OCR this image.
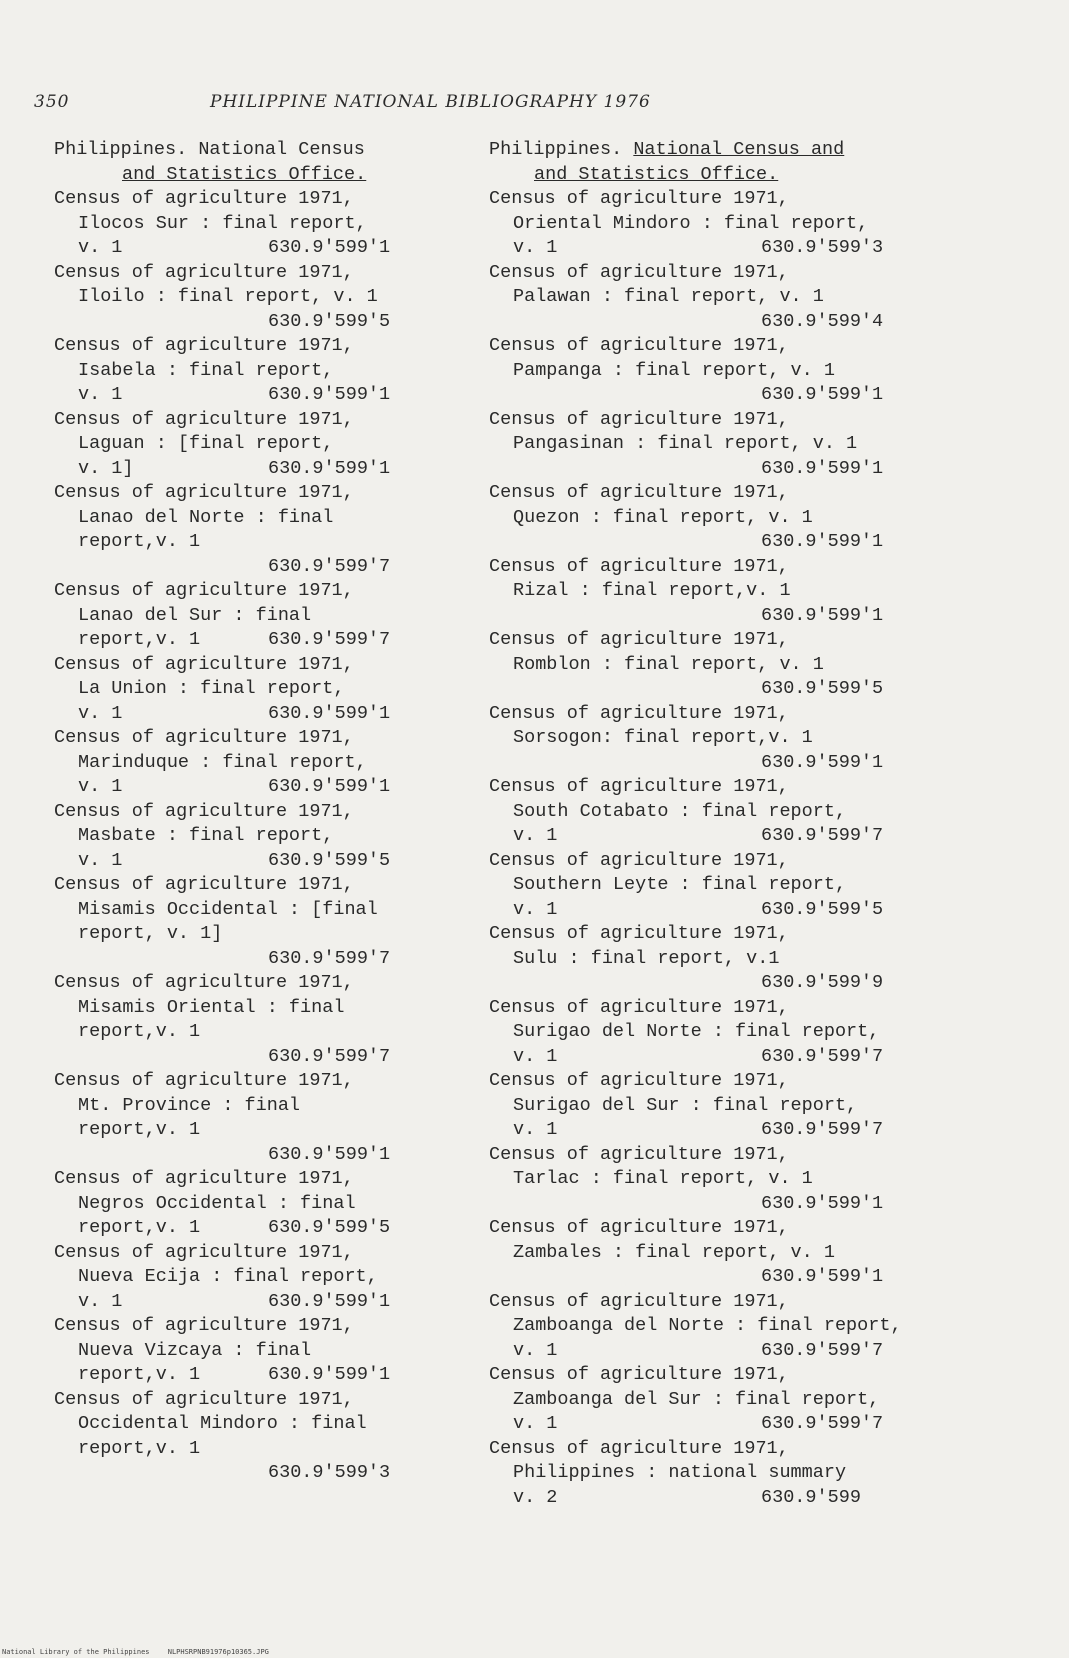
350	PHILIPPINE NATIONAL BIBLIOGRAPHY 1976
Philippines. National Census
and Statistics Office.
Census of agriculture 1971,
Ilocos Sur : final report,
v. 1	630.9'599'1
Census of agriculture 1971,
Iloilo : final report, v. 1
630.9'599'5
Census of agriculture 1971,
Isabela : final report,
v. 1	630.9'599'1
Census of agriculture 1971,
Laguan : [final report,
v. 1]	630.9'599'1
Census of agriculture 1971,
Lanao del Norte : final
report,v. 1
630.9'599'7
Census of agriculture 1971,
Lanao del Sur : final
report,v. 1	630.9'599'7
Census of agriculture 1971,
La Union : final report,
v. 1	630.9'599'1
Census of agriculture 1971,
Marinduque : final report,
v. 1	630.9'599'1
Census of agriculture 1971,
Masbate : final report,
v. 1	630.9'599'5
Census of agriculture 1971,
Misamis Occidental : [final
report, v. 1]
630.9'599'7
Census of agriculture 1971,
Misamis Oriental : final
report,v. 1
630.9'599'7
Census of agriculture 1971,
Mt. Province : final
report,v. 1
630.9'599'1
Census of agriculture 1971,
Negros Occidental : final
report,v. 1	630.9'599'5
Census of agriculture 1971,
Nueva Ecija : final report,
v. 1	630.9'599'1
Census of agriculture 1971,
Nueva Vizcaya : final
report,v. 1	630.9'599'1
Census of agriculture 1971,
Occidental Mindoro : final
report,v. 1
630.9'599'3
Philippines. National Census and
and Statistics Office.
Census of agriculture 1971,
Oriental Mindoro : final report,
v. 1	630.9'599'3
Census of agriculture 1971,
Palawan : final report, v. 1
630.9'599'4
Census of agriculture 1971,
Pampanga : final report, v. 1
630.9'599'1
Census of agriculture 1971,
Pangasinan : final report, v. 1
630.9'599'1
Census of agriculture 1971,
Quezon : final report, v. 1
630.9'599'1
Census of agriculture 1971,
Rizal : final report,v. 1
630.9'599'1
Census of agriculture 1971,
Romblon : final report, v. 1
630.9'599'5
Census of agriculture 1971,
Sorsogon: final report,v. 1
630.9'599'1
Census of agriculture 1971,
South Cotabato : final report,
v. 1	630.9'599'7
Census of agriculture 1971,
Southern Leyte : final report,
v. 1	630.9'599'5
Census of agriculture 1971,
Sulu : final report, v.1
630.9'599'9
Census of agriculture 1971,
Surigao del Norte : final report,
v. 1	630.9'599'7
Census of agriculture 1971,
Surigao del Sur : final report,
v. 1	630.9'599'7
Census of agriculture 1971,
Tarlac : final report, v. 1
630.9'599'1
Census of agriculture 1971,
Zambales : final report, v. 1
630.9'599'1
Census of agriculture 1971,
Zamboanga del Norte : final report,
v. 1	630.9'599'7
Census of agriculture 1971,
Zamboanga del Sur : final report,
v. 1	630.9'599'7
Census of agriculture 1971,
Philippines : national summary
v. 2	630.9'599
National Library of the Philippines	NLPHSRPNB91976p10365.JPG
